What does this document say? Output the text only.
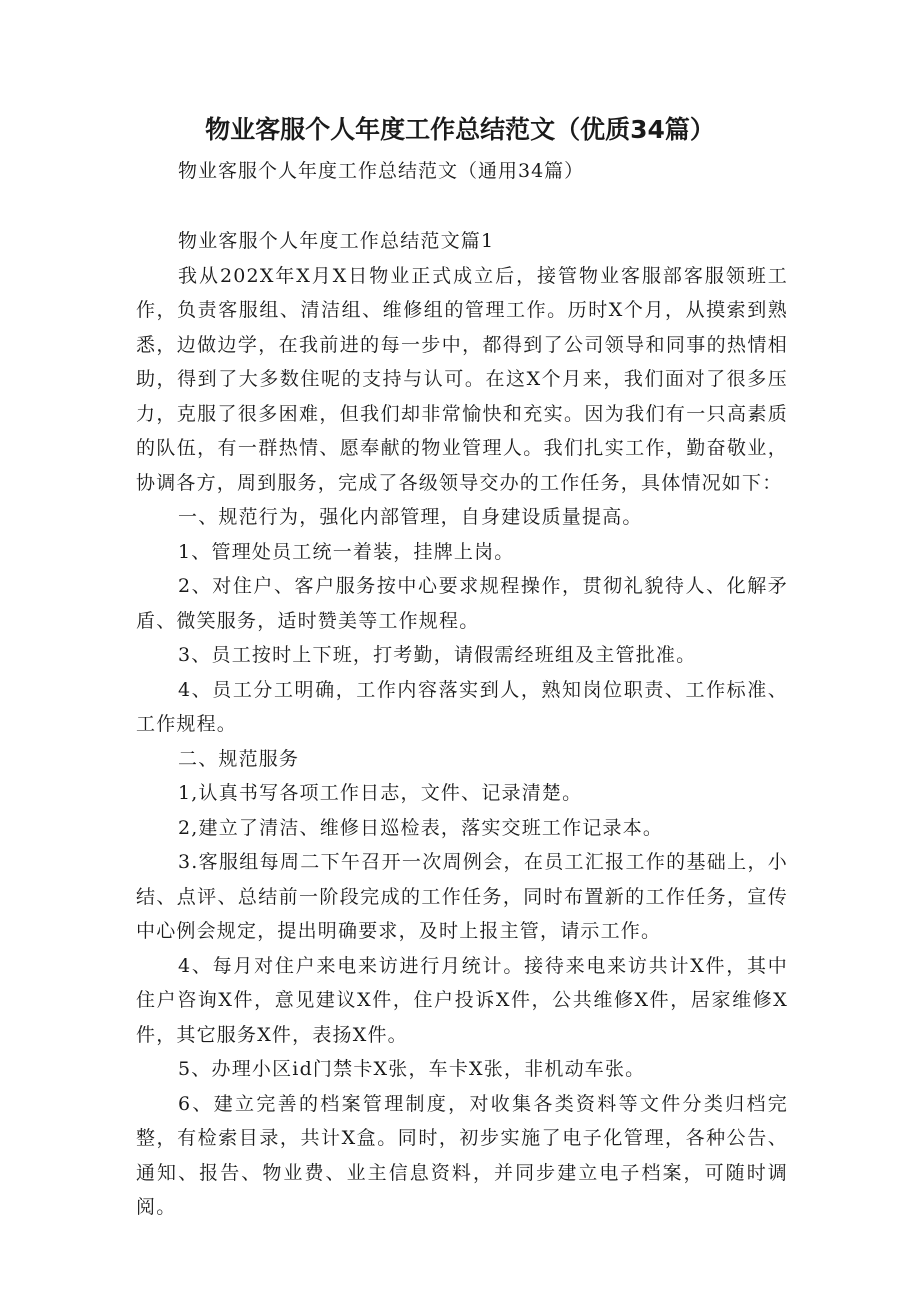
物业客服个人年度工作总结范文（优质34篇）
物业客服个人年度工作总结范文（通用34篇）

物业客服个人年度工作总结范文篇1

我从202X年X月X日物业正式成立后，接管物业客服部客服领班工作，负责客服组、清洁组、维修组的管理工作。历时X个月，从摸索到熟悉，边做边学，在我前进的每一步中，都得到了公司领导和同事的热情相助，得到了大多数住呢的支持与认可。在这X个月来，我们面对了很多压力，克服了很多困难，但我们却非常愉快和充实。因为我们有一只高素质的队伍，有一群热情、愿奉献的物业管理人。我们扎实工作，勤奋敬业，协调各方，周到服务，完成了各级领导交办的工作任务，具体情况如下：

一、规范行为，强化内部管理，自身建设质量提高。

1、管理处员工统一着装，挂牌上岗。

2、对住户、客户服务按中心要求规程操作，贯彻礼貌待人、化解矛盾、微笑服务，适时赞美等工作规程。

3、员工按时上下班，打考勤，请假需经班组及主管批准。

4、员工分工明确，工作内容落实到人，熟知岗位职责、工作标准、工作规程。

二、规范服务

1,认真书写各项工作日志，文件、记录清楚。

2,建立了清洁、维修日巡检表，落实交班工作记录本。

3.客服组每周二下午召开一次周例会，在员工汇报工作的基础上，小结、点评、总结前一阶段完成的工作任务，同时布置新的工作任务，宣传中心例会规定，提出明确要求，及时上报主管，请示工作。

4、每月对住户来电来访进行月统计。接待来电来访共计X件，其中住户咨询X件，意见建议X件，住户投诉X件，公共维修X件，居家维修X件，其它服务X件，表扬X件。

5、办理小区id门禁卡X张，车卡X张，非机动车张。

6、建立完善的档案管理制度，对收集各类资料等文件分类归档完整，有检索目录，共计X盒。同时，初步实施了电子化管理，各种公告、通知、报告、物业费、业主信息资料，并同步建立电子档案，可随时调阅。
